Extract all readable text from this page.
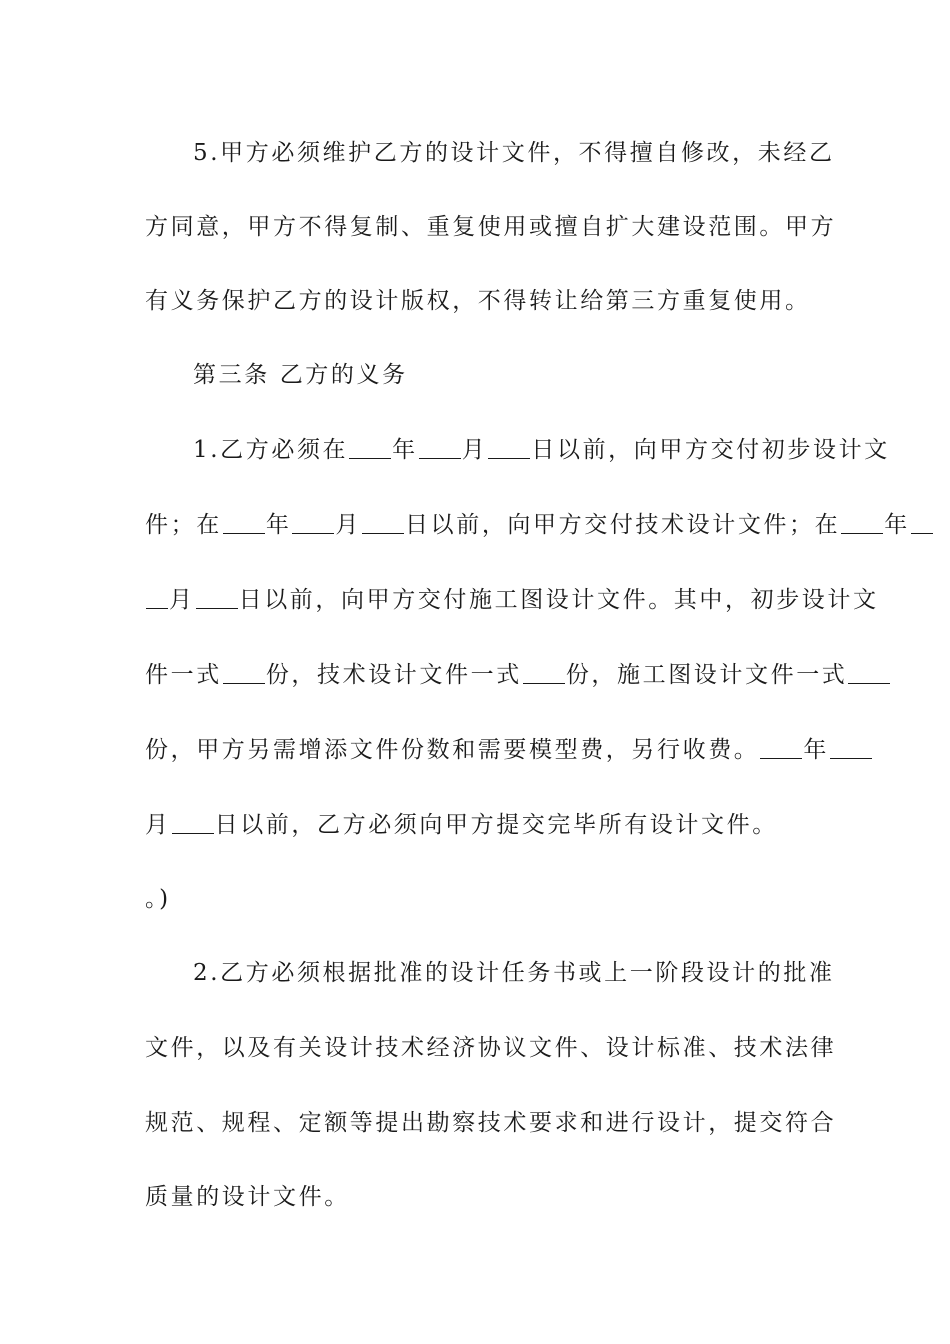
5.甲方必须维护乙方的设计文件，不得擅自修改，未经乙
方同意，甲方不得复制、重复使用或擅自扩大建设范围。甲方
有义务保护乙方的设计版权，不得转让给第三方重复使用。
第三条 乙方的义务
1.乙方必须在 年 月 日以前，向甲方交付初步设计文
件；在 年 月 日以前，向甲方交付技术设计文件；在 年
月 日以前，向甲方交付施工图设计文件。其中，初步设计文
件一式 份，技术设计文件一式 份，施工图设计文件一式
份，甲方另需增添文件份数和需要模型费，另行收费。 年
月 日以前，乙方必须向甲方提交完毕所有设计文件。
。)
2.乙方必须根据批准的设计任务书或上一阶段设计的批准
文件，以及有关设计技术经济协议文件、设计标准、技术法律
规范、规程、定额等提出勘察技术要求和进行设计，提交符合
质量的设计文件。
